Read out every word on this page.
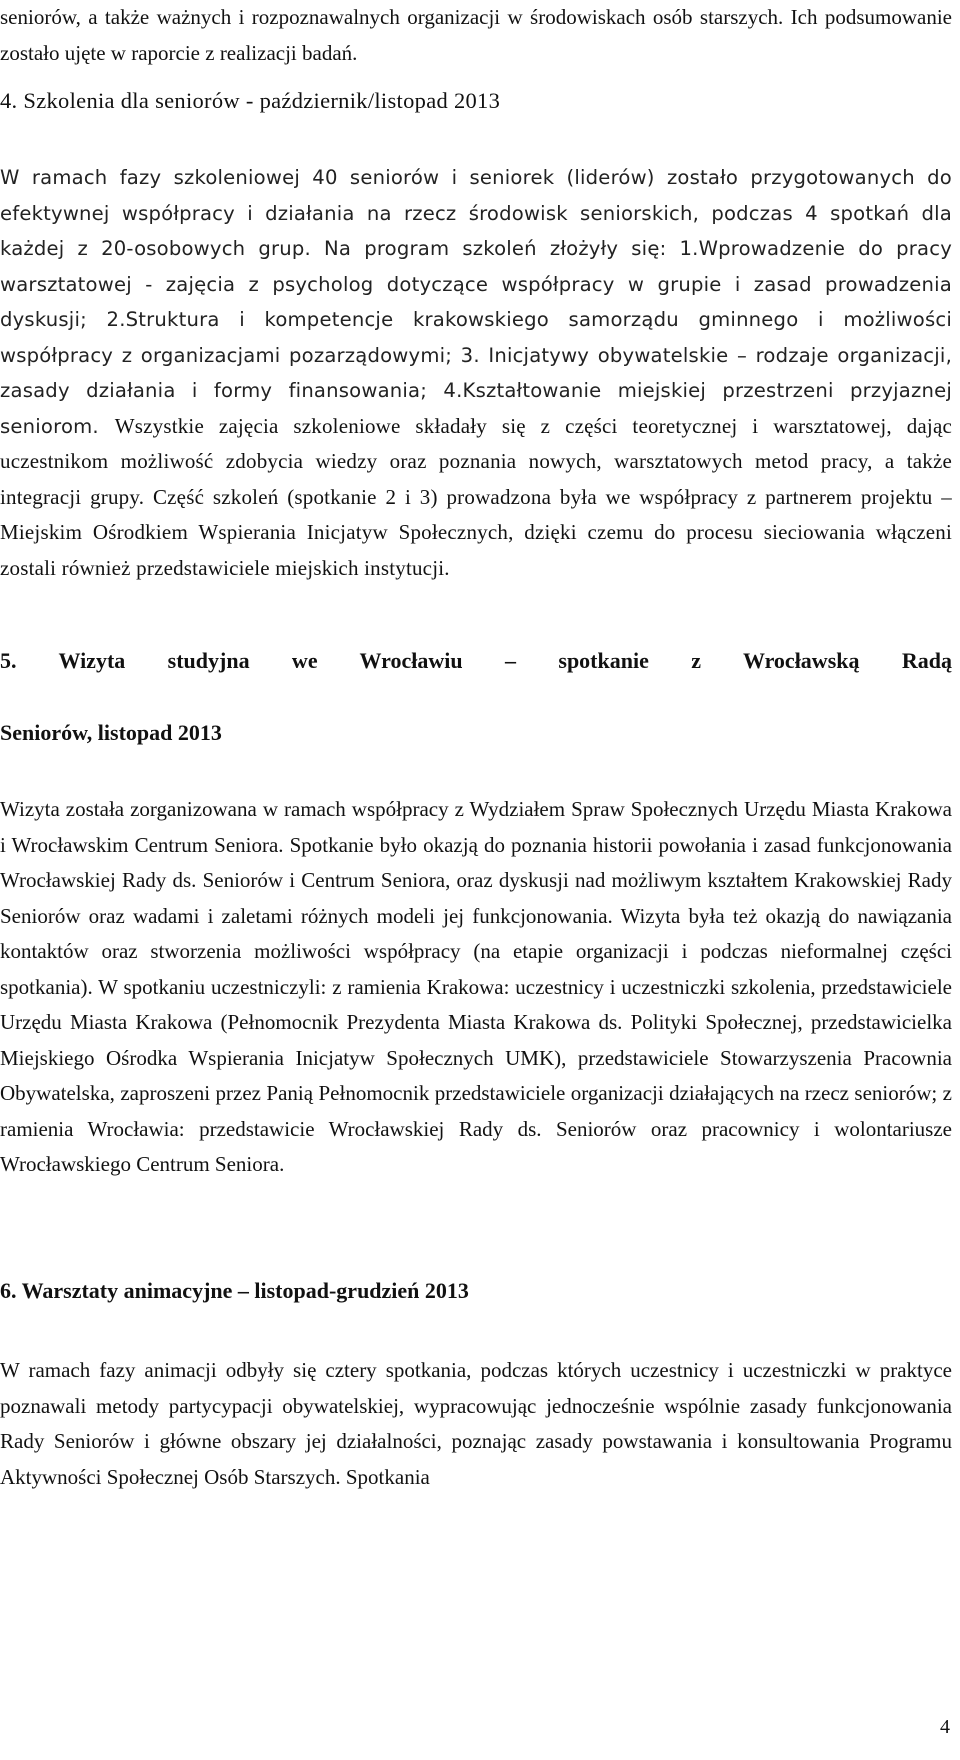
seniorów, a także ważnych i rozpoznawalnych organizacji w środowiskach osób starszych. Ich podsumowanie zostało ujęte w raporcie z realizacji badań.
4. Szkolenia dla seniorów - październik/listopad 2013
W ramach fazy szkoleniowej 40 seniorów i seniorek (liderów) zostało przygotowanych do efektywnej współpracy i działania na rzecz środowisk seniorskich, podczas 4 spotkań dla każdej z 20-osobowych grup. Na program szkoleń złożyły się: 1.Wprowadzenie do pracy warsztatowej - zajęcia z psycholog dotyczące współpracy w grupie i zasad prowadzenia dyskusji; 2.Struktura i kompetencje krakowskiego samorządu gminnego i możliwości współpracy z organizacjami pozarządowymi; 3. Inicjatywy obywatelskie – rodzaje organizacji, zasady działania i formy finansowania; 4.Kształtowanie miejskiej przestrzeni przyjaznej seniorom. Wszystkie zajęcia szkoleniowe składały się z części teoretycznej i warsztatowej, dając uczestnikom możliwość zdobycia wiedzy oraz poznania nowych, warsztatowych metod pracy, a także integracji grupy. Część szkoleń (spotkanie 2 i 3) prowadzona była we współpracy z partnerem projektu – Miejskim Ośrodkiem Wspierania Inicjatyw Społecznych, dzięki czemu do procesu sieciowania włączeni zostali również przedstawiciele miejskich instytucji.
5. Wizyta studyjna we Wrocławiu – spotkanie z Wrocławską Radą
Seniorów, listopad 2013
Wizyta została zorganizowana w ramach współpracy z Wydziałem Spraw Społecznych Urzędu Miasta Krakowa i Wrocławskim Centrum Seniora. Spotkanie było okazją do poznania historii powołania i zasad funkcjonowania Wrocławskiej Rady ds. Seniorów i Centrum Seniora, oraz dyskusji nad możliwym kształtem Krakowskiej Rady Seniorów oraz wadami i zaletami różnych modeli jej funkcjonowania. Wizyta była też okazją do nawiązania kontaktów oraz stworzenia możliwości współpracy (na etapie organizacji i podczas nieformalnej części spotkania). W spotkaniu uczestniczyli: z ramienia Krakowa: uczestnicy i uczestniczki szkolenia, przedstawiciele Urzędu Miasta Krakowa (Pełnomocnik Prezydenta Miasta Krakowa ds. Polityki Społecznej, przedstawicielka Miejskiego Ośrodka Wspierania Inicjatyw Społecznych UMK), przedstawiciele Stowarzyszenia Pracownia Obywatelska, zaproszeni przez Panią Pełnomocnik przedstawiciele organizacji działających na rzecz seniorów; z ramienia Wrocławia: przedstawicie Wrocławskiej Rady ds. Seniorów oraz pracownicy i wolontariusze Wrocławskiego Centrum Seniora.
6. Warsztaty animacyjne – listopad-grudzień 2013
W ramach fazy animacji odbyły się cztery spotkania, podczas których uczestnicy i uczestniczki w praktyce poznawali metody partycypacji obywatelskiej, wypracowując jednocześnie wspólnie zasady funkcjonowania Rady Seniorów i główne obszary jej działalności, poznając zasady powstawania i konsultowania Programu Aktywności Społecznej Osób Starszych. Spotkania
4
